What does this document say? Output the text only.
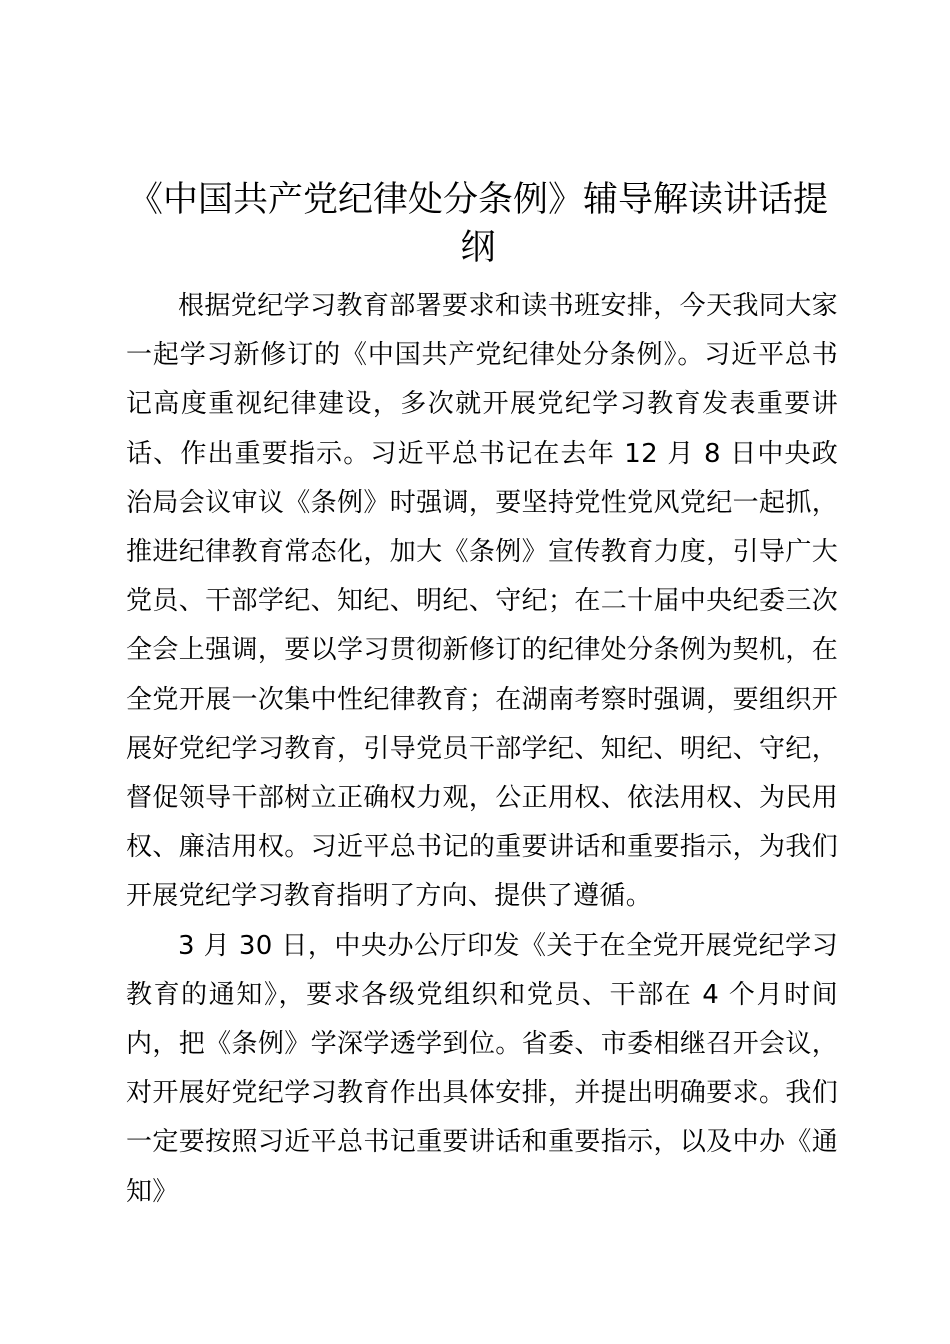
《中国共产党纪律处分条例》辅导解读讲话提纲

根据党纪学习教育部署要求和读书班安排，今天我同大家一起学习新修订的《中国共产党纪律处分条例》。习近平总书记高度重视纪律建设，多次就开展党纪学习教育发表重要讲话、作出重要指示。习近平总书记在去年 12 月 8 日中央政治局会议审议《条例》时强调，要坚持党性党风党纪一起抓，推进纪律教育常态化，加大《条例》宣传教育力度，引导广大党员、干部学纪、知纪、明纪、守纪；在二十届中央纪委三次全会上强调，要以学习贯彻新修订的纪律处分条例为契机，在全党开展一次集中性纪律教育；在湖南考察时强调，要组织开展好党纪学习教育，引导党员干部学纪、知纪、明纪、守纪，督促领导干部树立正确权力观，公正用权、依法用权、为民用权、廉洁用权。习近平总书记的重要讲话和重要指示，为我们开展党纪学习教育指明了方向、提供了遵循。

3 月 30 日，中央办公厅印发《关于在全党开展党纪学习教育的通知》，要求各级党组织和党员、干部在 4 个月时间内，把《条例》学深学透学到位。省委、市委相继召开会议，对开展好党纪学习教育作出具体安排，并提出明确要求。我们一定要按照习近平总书记重要讲话和重要指示，以及中办《通知》
